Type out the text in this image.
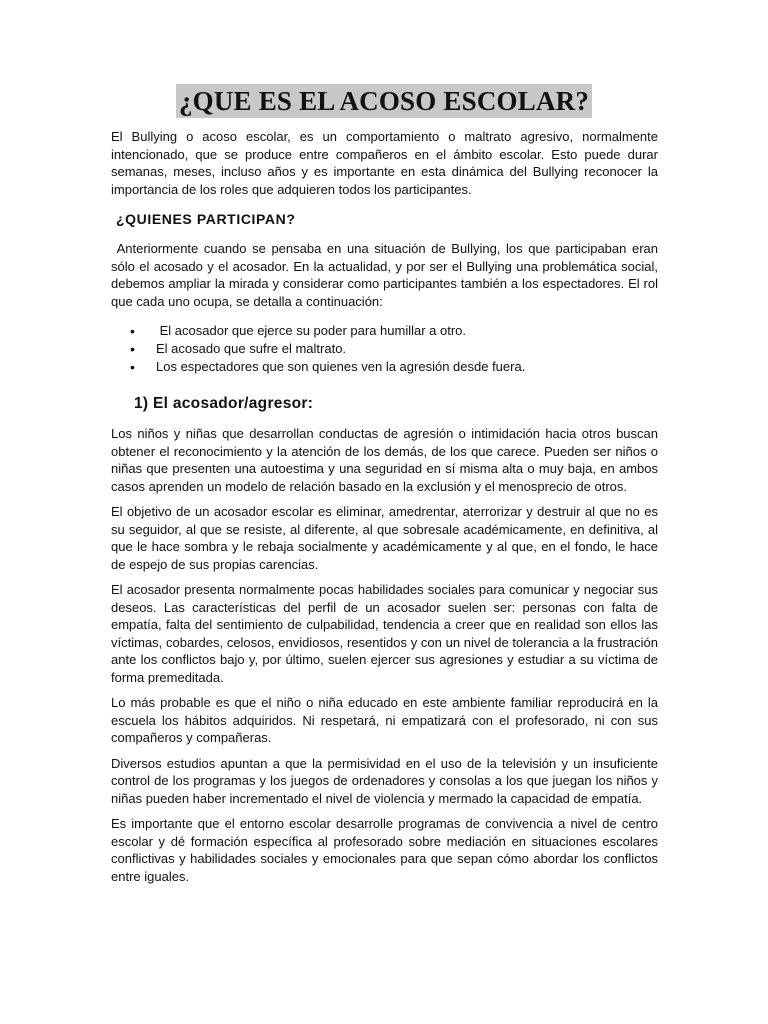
¿QUE ES EL ACOSO ESCOLAR?

El Bullying o acoso escolar, es un comportamiento o maltrato agresivo, normalmente intencionado, que se produce entre compañeros en el ámbito escolar. Esto puede durar semanas, meses, incluso años y es importante en esta dinámica del Bullying reconocer la importancia de los roles que adquieren todos los participantes.

¿QUIENES PARTICIPAN?

Anteriormente cuando se pensaba en una situación de Bullying, los que participaban eran sólo el acosado y el acosador. En la actualidad, y por ser el Bullying una problemática social, debemos ampliar la mirada y considerar como participantes también a los espectadores. El rol que cada uno ocupa, se detalla a continuación:

• El acosador que ejerce su poder para humillar a otro.
• El acosado que sufre el maltrato.
• Los espectadores que son quienes ven la agresión desde fuera.
1) El acosador/agresor:

Los niños y niñas que desarrollan conductas de agresión o intimidación hacia otros buscan obtener el reconocimiento y la atención de los demás, de los que carece. Pueden ser niños o niñas que presenten una autoestima y una seguridad en sí misma alta o muy baja, en ambos casos aprenden un modelo de relación basado en la exclusión y el menosprecio de otros.

El objetivo de un acosador escolar es eliminar, amedrentar, aterrorizar y destruir al que no es su seguidor, al que se resiste, al diferente, al que sobresale académicamente, en definitiva, al que le hace sombra y le rebaja socialmente y académicamente y al que, en el fondo, le hace de espejo de sus propias carencias.

El acosador presenta normalmente pocas habilidades sociales para comunicar y negociar sus deseos. Las características del perfil de un acosador suelen ser: personas con falta de empatía, falta del sentimiento de culpabilidad, tendencia a creer que en realidad son ellos las víctimas, cobardes, celosos, envidiosos, resentidos y con un nivel de tolerancia a la frustración ante los conflictos bajo y, por último, suelen ejercer sus agresiones y estudiar a su víctima de forma premeditada.

Lo más probable es que el niño o niña educado en este ambiente familiar reproducirá en la escuela los hábitos adquiridos. Ni respetará, ni empatizará con el profesorado, ni con sus compañeros y compañeras.

Diversos estudios apuntan a que la permisividad en el uso de la televisión y un insuficiente control de los programas y los juegos de ordenadores y consolas a los que juegan los niños y niñas pueden haber incrementado el nivel de violencia y mermado la capacidad de empatía.

Es importante que el entorno escolar desarrolle programas de convivencia a nivel de centro escolar y dé formación específica al profesorado sobre mediación en situaciones escolares conflictivas y habilidades sociales y emocionales para que sepan cómo abordar los conflictos entre iguales.
